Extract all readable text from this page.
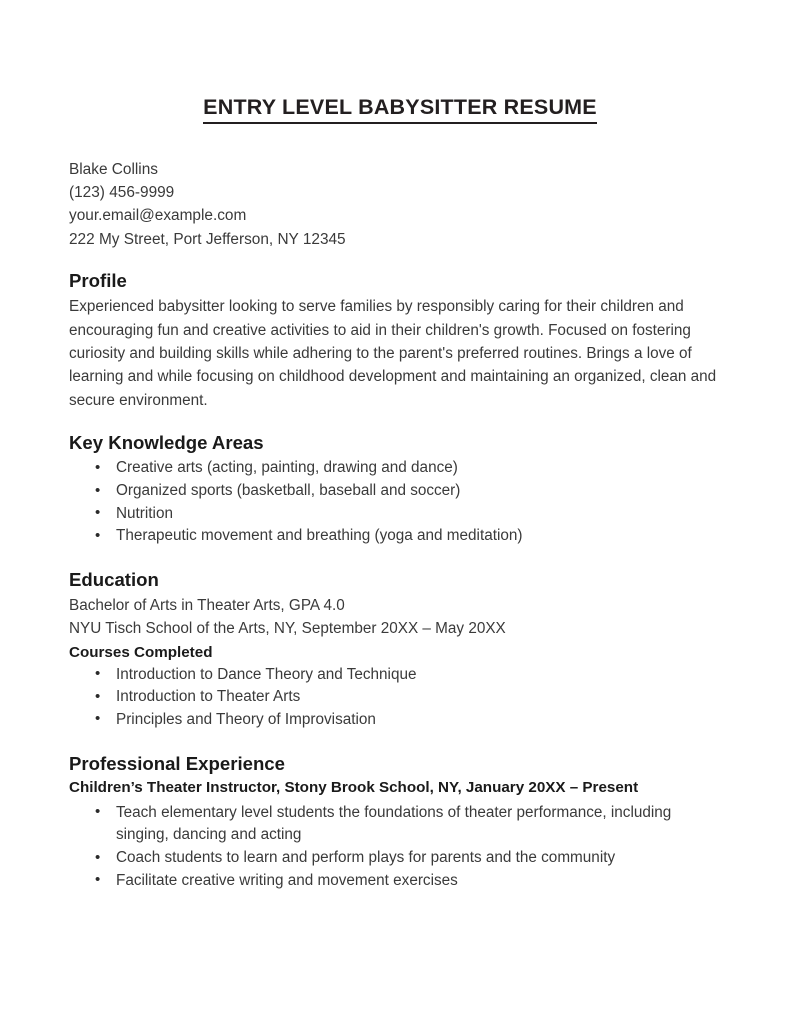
ENTRY LEVEL BABYSITTER RESUME
Blake Collins
(123) 456-9999
your.email@example.com
222 My Street, Port Jefferson, NY 12345
Profile
Experienced babysitter looking to serve families by responsibly caring for their children and encouraging fun and creative activities to aid in their children's growth. Focused on fostering curiosity and building skills while adhering to the parent's preferred routines. Brings a love of learning and while focusing on childhood development and maintaining an organized, clean and secure environment.
Key Knowledge Areas
• Creative arts (acting, painting, drawing and dance)
• Organized sports (basketball, baseball and soccer)
• Nutrition
• Therapeutic movement and breathing (yoga and meditation)
Education
Bachelor of Arts in Theater Arts, GPA 4.0
NYU Tisch School of the Arts, NY, September 20XX – May 20XX
Courses Completed
• Introduction to Dance Theory and Technique
• Introduction to Theater Arts
• Principles and Theory of Improvisation
Professional Experience
Children’s Theater Instructor, Stony Brook School, NY, January 20XX – Present
• Teach elementary level students the foundations of theater performance, including singing, dancing and acting
• Coach students to learn and perform plays for parents and the community
• Facilitate creative writing and movement exercises
